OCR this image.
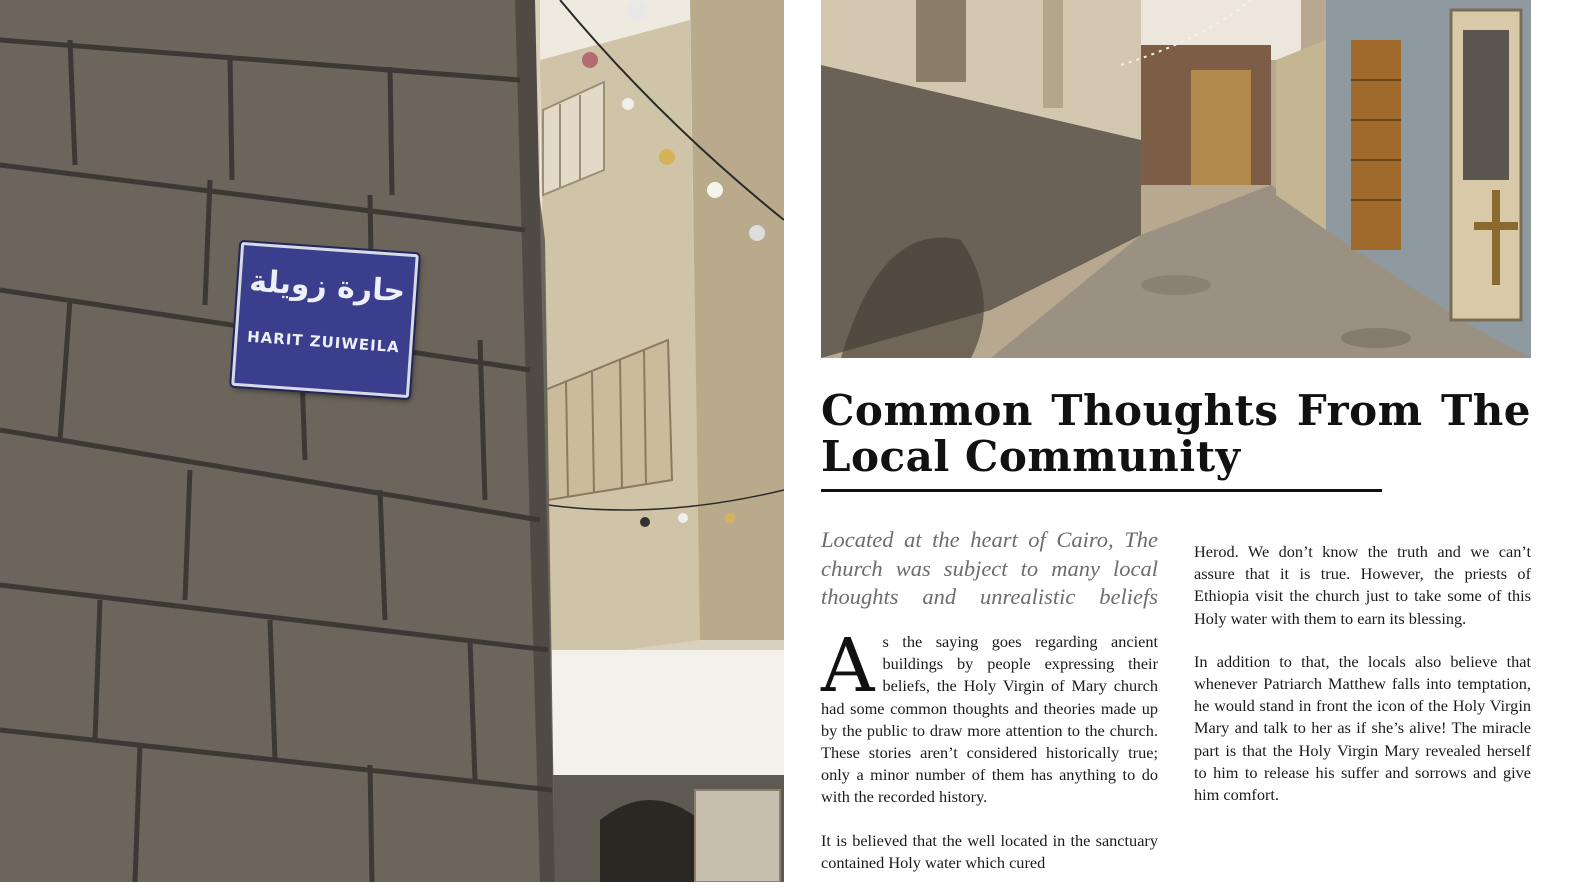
حارة زويلة
HARIT ZUIWEILA
Common Thoughts From The Local Community

Located at the heart of Cairo, The church was subject to many local thoughts and unrealistic beliefs

As the saying goes regarding ancient buildings by people expressing their beliefs, the Holy Virgin of Mary church had some common thoughts and theories made up by the public to draw more attention to the church. These stories aren’t considered historically true; only a minor number of them has anything to do with the recorded history.

It is believed that the well located in the sanctuary contained Holy water which cured

Herod. We don’t know the truth and we can’t assure that it is true. However, the priests of Ethiopia visit the church just to take some of this Holy water with them to earn its blessing.

In addition to that, the locals also believe that whenever Patriarch Matthew falls into temptation, he would stand in front the icon of the Holy Virgin Mary and talk to her as if she’s alive! The miracle part is that the Holy Virgin Mary revealed herself to him to release his suffer and sorrows and give him comfort.
